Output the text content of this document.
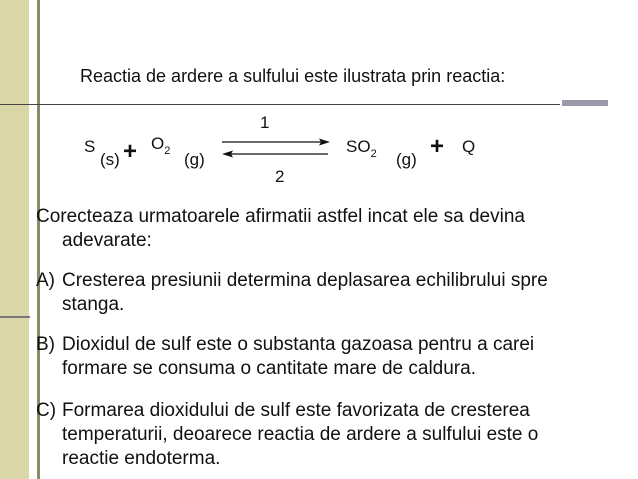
Reactia de ardere a sulfului este ilustrata prin reactia:
S
$(s) + O_2$ (g)
1
2
$SO_2$ (g) + Q
Corecteaza urmatoarele afirmatii astfel incat ele sa devina
adevarate:
A) Cresterea presiunii determina deplasarea echilibrului spre
stanga.
B) Dioxidul de sulf este o substanta gazoasa pentru a carei
formare se consuma o cantitate mare de caldura.
C) Formarea dioxidului de sulf este favorizata de cresterea
temperaturii, deoarece reactia de ardere a sulfului este o
reactie endoterma.
